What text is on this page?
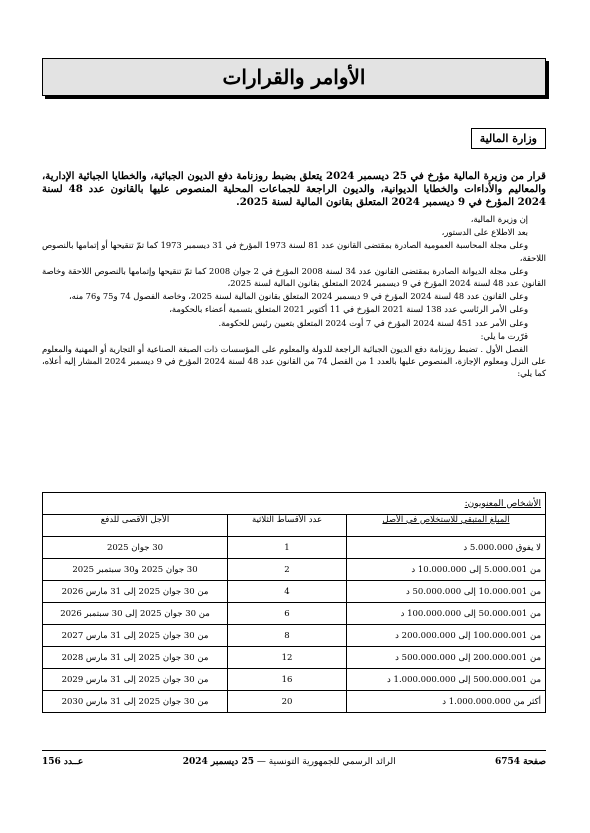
الأوامر والقرارات
وزارة المالية

قرار من وزيرة المالية مؤرخ في 25 ديسمبر 2024 يتعلق بضبط روزنامة دفع الديون الجبائية، والخطايا الجبائية الإدارية، والمعاليم والأداءات والخطايا الديوانية، والديون الراجعة للجماعات المحلية المنصوص عليها بالقانون عدد 48 لسنة 2024 المؤرخ في 9 ديسمبر 2024 المتعلق بقانون المالية لسنة 2025.

إن وزيرة المالية،

بعد الاطلاع على الدستور،

وعلى مجلة المحاسبة العمومية الصادرة بمقتضى القانون عدد 81 لسنة 1973 المؤرخ في 31 ديسمبر 1973 كما تمّ تنقيحها أو إتمامها بالنصوص اللاحقة،

وعلى مجلة الديوانة الصادرة بمقتضى القانون عدد 34 لسنة 2008 المؤرخ في 2 جوان 2008 كما تمّ تنقيحها وإتمامها بالنصوص اللاحقة وخاصة القانون عدد 48 لسنة 2024 المؤرخ في 9 ديسمبر 2024 المتعلق بقانون المالية لسنة 2025،

وعلى القانون عدد 48 لسنة 2024 المؤرخ في 9 ديسمبر 2024 المتعلق بقانون المالية لسنة 2025، وخاصة الفصول 74 و75 و76 منه،

وعلى الأمر الرئاسي عدد 138 لسنة 2021 المؤرخ في 11 أكتوبر 2021 المتعلق بتسمية أعضاء بالحكومة،

وعلى الأمر عدد 451 لسنة 2024 المؤرخ في 7 أوت 2024 المتعلق بتعيين رئيس للحكومة.

قرّرت ما يلي:

الفصل الأول . تضبط روزنامة دفع الديون الجبائية الراجعة للدولة والمعلوم على المؤسسات ذات الصبغة الصناعية أو التجارية أو المهنية والمعلوم على النزل ومعلوم الإجازة، المنصوص عليها بالعدد 1 من الفصل 74 من القانون عدد 48 لسنة 2024 المؤرخ في 9 ديسمبر 2024 المشار إليه أعلاه، كما يلي:

الأشخاص المعنويون:		
المبلغ المتبقي للاستخلاص في الأصل	عدد الأقساط الثلاثية	الأجل الأقصى للدفع
لا يفوق 5.000.000 د	1	30 جوان 2025
من 5.000.001 إلى 10.000.000 د	2	30 جوان 2025 و30 سبتمبر 2025
من 10.000.001 إلى 50.000.000 د	4	من 30 جوان 2025 إلى 31 مارس 2026
من 50.000.001 إلى 100.000.000 د	6	من 30 جوان 2025 إلى 30 سبتمبر 2026
من 100.000.001 إلى 200.000.000 د	8	من 30 جوان 2025 إلى 31 مارس 2027
من 200.000.001 إلى 500.000.000 د	12	من 30 جوان 2025 إلى 31 مارس 2028
من 500.000.001 إلى 1.000.000.000 د	16	من 30 جوان 2025 إلى 31 مارس 2029
أكثر من 1.000.000.000 د	20	من 30 جوان 2025 إلى 31 مارس 2030
صفحة 6754
الرائد الرسمي للجمهورية التونسية — 25 ديسمبر 2024
عــدد 156
